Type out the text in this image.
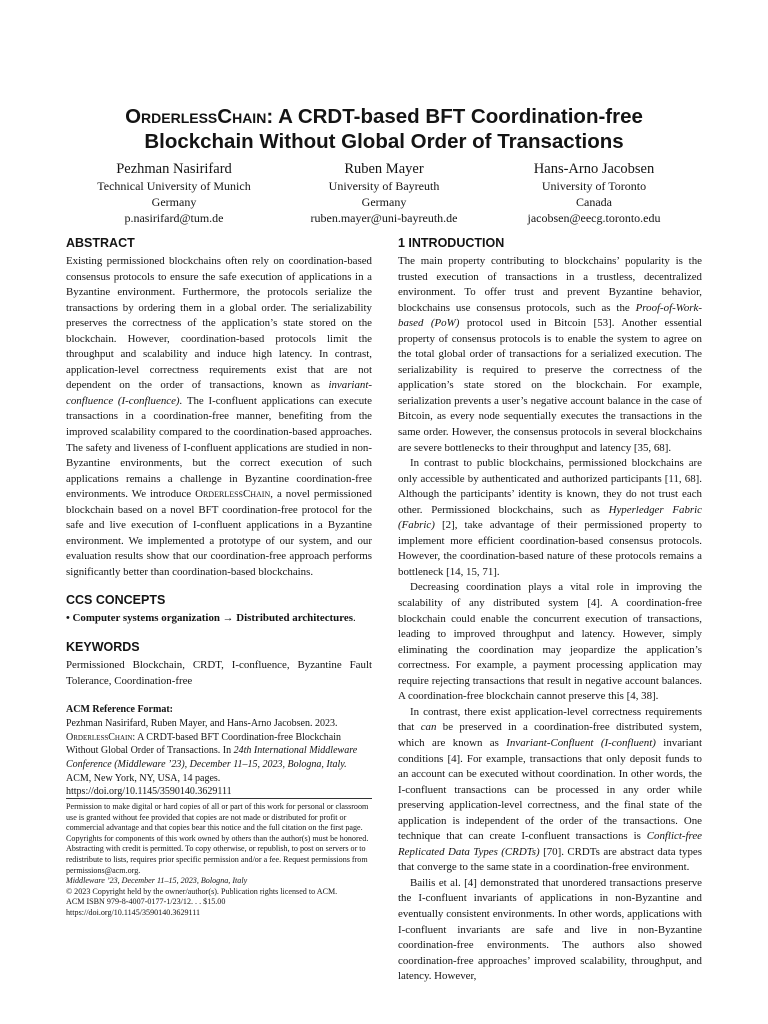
OrderlessChain: A CRDT-based BFT Coordination-free
Blockchain Without Global Order of Transactions
Pezhman Nasirifard
Technical University of Munich
Germany
p.nasirifard@tum.de
Ruben Mayer
University of Bayreuth
Germany
ruben.mayer@uni-bayreuth.de
Hans-Arno Jacobsen
University of Toronto
Canada
jacobsen@eecg.toronto.edu
ABSTRACT

Existing permissioned blockchains often rely on coordination-based consensus protocols to ensure the safe execution of applications in a Byzantine environment. Furthermore, the protocols serialize the transactions by ordering them in a global order. The serializability preserves the correctness of the application’s state stored on the blockchain. However, coordination-based protocols limit the throughput and scalability and induce high latency. In contrast, application-level correctness requirements exist that are not dependent on the order of transactions, known as invariant-confluence (I-confluence). The I-confluent applications can execute transactions in a coordination-free manner, benefiting from the improved scalability compared to the coordination-based approaches. The safety and liveness of I-confluent applications are studied in non-Byzantine environments, but the correct execution of such applications remains a challenge in Byzantine coordination-free environments. We introduce OrderlessChain, a novel permissioned blockchain based on a novel BFT coordination-free protocol for the safe and live execution of I-confluent applications in a Byzantine environment. We implemented a prototype of our system, and our evaluation results show that our coordination-free approach performs significantly better than coordination-based blockchains.

CCS CONCEPTS

• Computer systems organization → Distributed architectures.

KEYWORDS

Permissioned Blockchain, CRDT, I-confluence, Byzantine Fault Tolerance, Coordination-free

ACM Reference Format:

Pezhman Nasirifard, Ruben Mayer, and Hans-Arno Jacobsen. 2023. OrderlessChain: A CRDT-based BFT Coordination-free Blockchain Without Global Order of Transactions. In 24th International Middleware Conference (Middleware ’23), December 11–15, 2023, Bologna, Italy. ACM, New York, NY, USA, 14 pages. https://doi.org/10.1145/3590140.3629111

Permission to make digital or hard copies of all or part of this work for personal or classroom use is granted without fee provided that copies are not made or distributed for profit or commercial advantage and that copies bear this notice and the full citation on the first page. Copyrights for components of this work owned by others than the author(s) must be honored. Abstracting with credit is permitted. To copy otherwise, or republish, to post on servers or to redistribute to lists, requires prior specific permission and/or a fee. Request permissions from permissions@acm.org.
Middleware ’23, December 11–15, 2023, Bologna, Italy
© 2023 Copyright held by the owner/author(s). Publication rights licensed to ACM.
ACM ISBN 979-8-4007-0177-1/23/12. . . $15.00
https://doi.org/10.1145/3590140.3629111
1 INTRODUCTION

The main property contributing to blockchains’ popularity is the trusted execution of transactions in a trustless, decentralized environment. To offer trust and prevent Byzantine behavior, blockchains use consensus protocols, such as the Proof-of-Work-based (PoW) protocol used in Bitcoin [53]. Another essential property of consensus protocols is to enable the system to agree on the total global order of transactions for a serialized execution. The serializability is required to preserve the correctness of the application’s state stored on the blockchain. For example, serialization prevents a user’s negative account balance in the case of Bitcoin, as every node sequentially executes the transactions in the same order. However, the consensus protocols in several blockchains are severe bottlenecks to their throughput and latency [35, 68].

In contrast to public blockchains, permissioned blockchains are only accessible by authenticated and authorized participants [11, 68]. Although the participants’ identity is known, they do not trust each other. Permissioned blockchains, such as Hyperledger Fabric (Fabric) [2], take advantage of their permissioned property to implement more efficient coordination-based consensus protocols. However, the coordination-based nature of these protocols remains a bottleneck [14, 15, 71].

Decreasing coordination plays a vital role in improving the scalability of any distributed system [4]. A coordination-free blockchain could enable the concurrent execution of transactions, leading to improved throughput and latency. However, simply eliminating the coordination may jeopardize the application’s correctness. For example, a payment processing application may require rejecting transactions that result in negative account balances. A coordination-free blockchain cannot preserve this [4, 38].

In contrast, there exist application-level correctness requirements that can be preserved in a coordination-free distributed system, which are known as Invariant-Confluent (I-confluent) invariant conditions [4]. For example, transactions that only deposit funds to an account can be executed without coordination. In other words, the I-confluent transactions can be processed in any order while preserving application-level correctness, and the final state of the application is independent of the order of the transactions. One technique that can create I-confluent transactions is Conflict-free Replicated Data Types (CRDTs) [70]. CRDTs are abstract data types that converge to the same state in a coordination-free environment.

Bailis et al. [4] demonstrated that unordered transactions preserve the I-confluent invariants of applications in non-Byzantine and eventually consistent environments. In other words, applications with I-confluent invariants are safe and live in non-Byzantine coordination-free environments. The authors also showed coordination-free approaches’ improved scalability, throughput, and latency. However,
